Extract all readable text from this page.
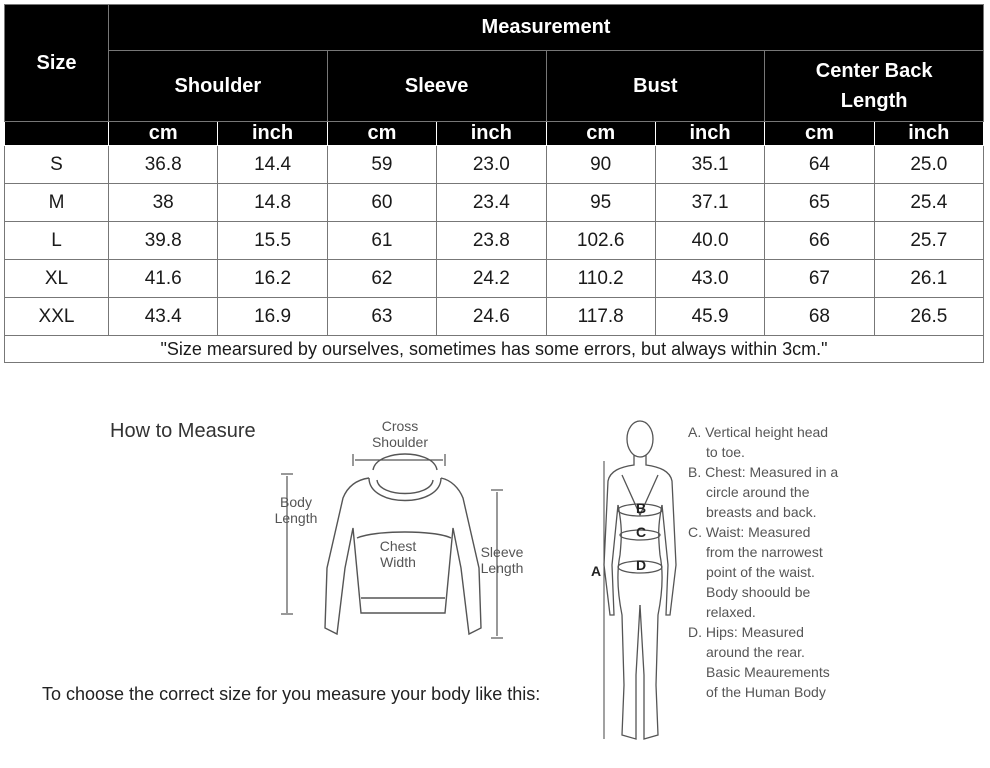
Size	Measurement							
	Shoulder		Sleeve		Bust		Center Back Length	
	cm	inch	cm	inch	cm	inch	cm	inch
S	36.8	14.4	59	23.0	90	35.1	64	25.0
M	38	14.8	60	23.4	95	37.1	65	25.4
L	39.8	15.5	61	23.8	102.6	40.0	66	25.7
XL	41.6	16.2	62	24.2	110.2	43.0	67	26.1
XXL	43.4	16.9	63	24.6	117.8	45.9	68	26.5
"Size mearsured by ourselves, sometimes has some errors, but always within 3cm."								
How to Measure	Cross
Shoulder
Body
Length
Chest
Width
Sleeve
Length
To choose the correct size for you measure your body like this:
A
B
C
D
A. Vertical height head
to toe.
B. Chest: Measured in a
circle around the
breasts and back.
C. Waist: Measured
from the narrowest
point of the waist.
Body shoould be
relaxed.
D. Hips: Measured
around the rear.
Basic Meaurements
of the Human Body
